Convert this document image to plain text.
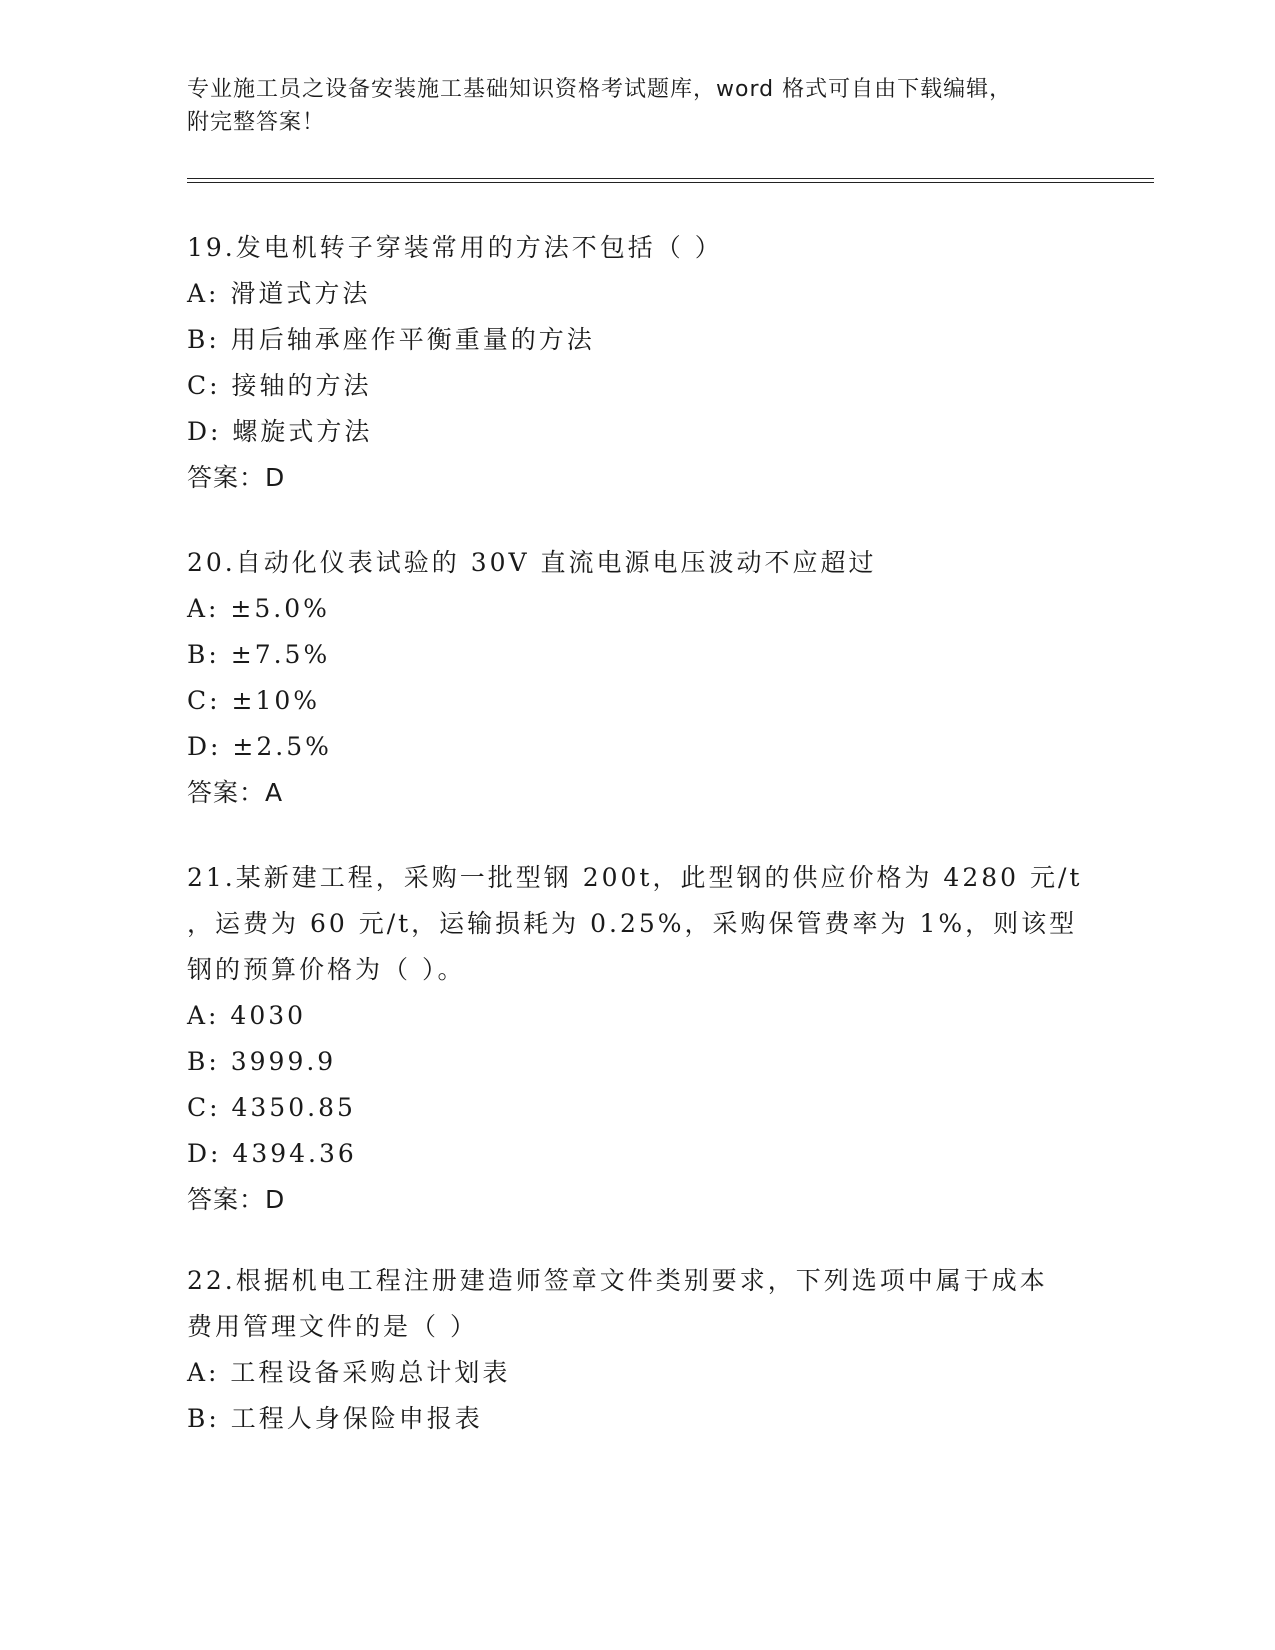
专业施工员之设备安装施工基础知识资格考试题库，word 格式可自由下载编辑，
附完整答案！

19.发电机转子穿装常用的方法不包括（ ）

A: 滑道式方法

B: 用后轴承座作平衡重量的方法

C: 接轴的方法

D: 螺旋式方法

答案：D

20.自动化仪表试验的 30V 直流电源电压波动不应超过

A: ±5.0%

B: ±7.5%

C: ±10%

D: ±2.5%

答案：A

21.某新建工程，采购一批型钢 200t，此型钢的供应价格为 4280 元/t

，运费为 60 元/t，运输损耗为 0.25%，采购保管费率为 1%，则该型

钢的预算价格为（ ）。

A: 4030

B: 3999.9

C: 4350.85

D: 4394.36

答案：D

22.根据机电工程注册建造师签章文件类别要求，下列选项中属于成本

费用管理文件的是（ ）

A: 工程设备采购总计划表

B: 工程人身保险申报表
